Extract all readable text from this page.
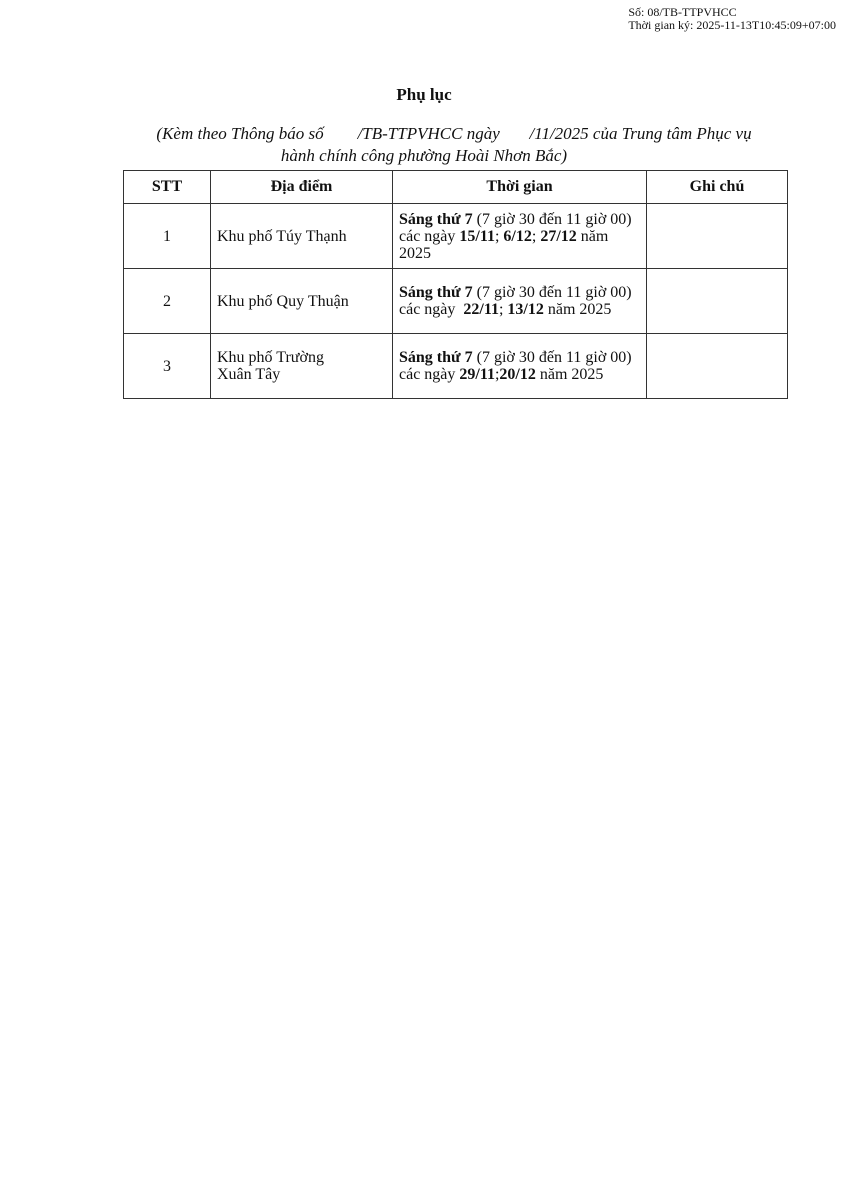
Số: 08/TB-TTPVHCC
Thời gian ký: 2025-11-13T10:45:09+07:00
Phụ lục
(Kèm theo Thông báo số        /TB-TTPVHCC ngày       /11/2025 của Trung tâm Phục vụ
hành chính công phường Hoài Nhơn Bắc)
STT	Địa điểm	Thời gian	Ghi chú
1	Khu phố Túy Thạnh	Sáng thứ 7 (7 giờ 30 đến 11 giờ 00) các ngày 15/11; 6/12; 27/12 năm 2025	
2	Khu phố Quy Thuận	Sáng thứ 7 (7 giờ 30 đến 11 giờ 00) các ngày  22/11; 13/12 năm 2025	
3	Khu phố Trường Xuân Tây	Sáng thứ 7 (7 giờ 30 đến 11 giờ 00) các ngày 29/11;20/12 năm 2025	
